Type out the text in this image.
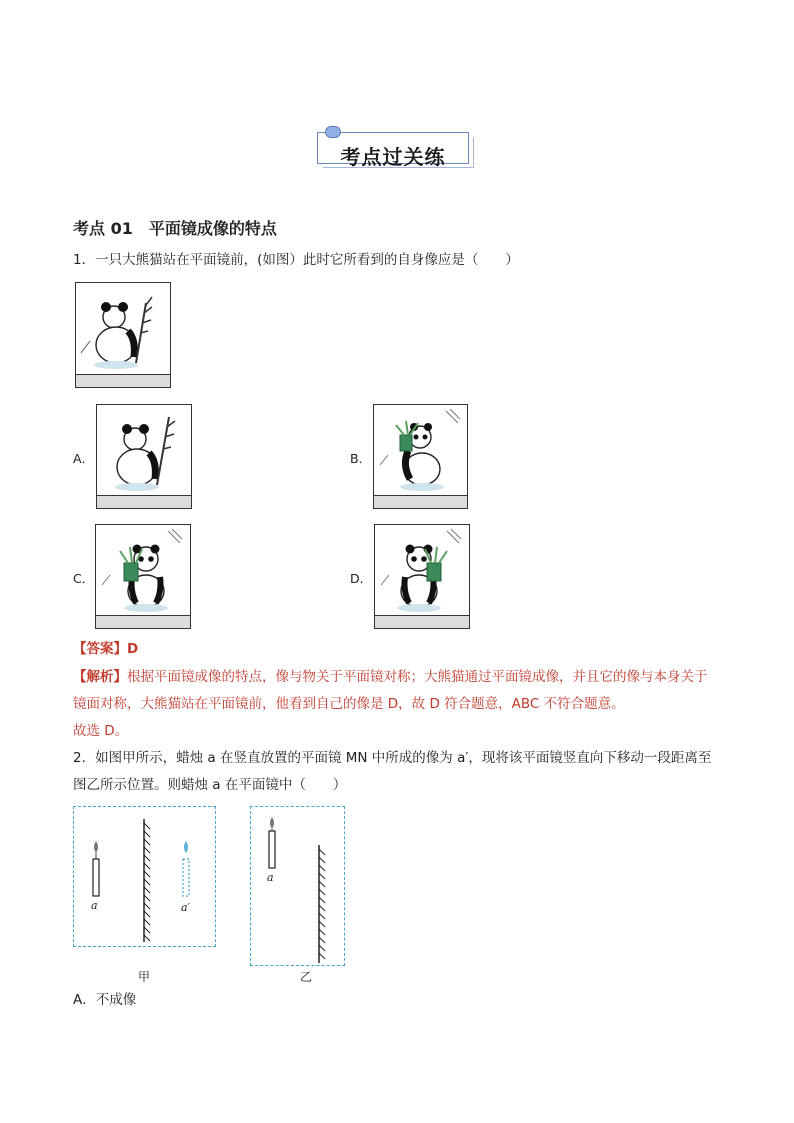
考点过关练
考点 01　平面镜成像的特点
1．一只大熊猫站在平面镜前，(如图）此时它所看到的自身像应是（　　）
A．	B．
C．	D．
【答案】D
【解析】根据平面镜成像的特点，像与物关于平面镜对称；大熊猫通过平面镜成像，并且它的像与本身关于
镜面对称，大熊猫站在平面镜前，他看到自己的像是 D，故 D 符合题意，ABC 不符合题意。
故选 D。
2．如图甲所示，蜡烛 a 在竖直放置的平面镜 MN 中所成的像为 a′，现将该平面镜竖直向下移动一段距离至
图乙所示位置。则蜡烛 a 在平面镜中（　　）
a	a′
甲
a
乙
A．不成像
